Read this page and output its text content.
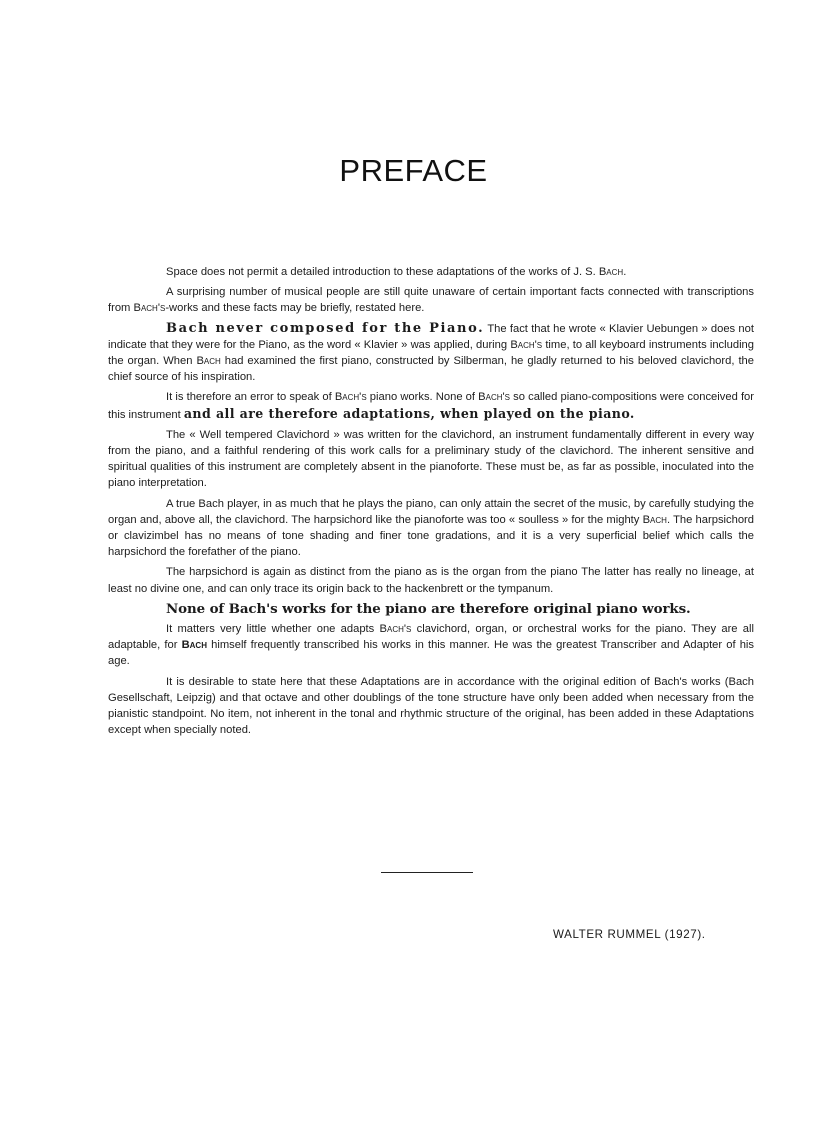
PREFACE

Space does not permit a detailed introduction to these adaptations of the works of J. S. Bach.

A surprising number of musical people are still quite unaware of certain important facts connected with transcriptions from Bach's-works and these facts may be briefly, restated here.

Bach never composed for the Piano. The fact that he wrote « Klavier Uebungen » does not indicate that they were for the Piano, as the word « Klavier » was applied, during Bach's time, to all keyboard instruments including the organ. When Bach had examined the first piano, constructed by Silberman, he gladly returned to his beloved clavichord, the chief source of his inspiration.

It is therefore an error to speak of Bach's piano works. None of Bach's so called piano-compositions were conceived for this instrument and all are therefore adaptations, when played on the piano.

The « Well tempered Clavichord » was written for the clavichord, an instrument fundamentally different in every way from the piano, and a faithful rendering of this work calls for a preliminary study of the clavichord. The inherent sensitive and spiritual qualities of this instrument are completely absent in the pianoforte. These must be, as far as possible, inoculated into the piano interpretation.

A true Bach player, in as much that he plays the piano, can only attain the secret of the music, by carefully studying the organ and, above all, the clavichord. The harpsichord like the pianoforte was too « soulless » for the mighty Bach. The harpsichord or clavizimbel has no means of tone shading and finer tone gradations, and it is a very superficial belief which calls the harpsichord the forefather of the piano.

The harpsichord is again as distinct from the piano as is the organ from the piano The latter has really no lineage, at least no divine one, and can only trace its origin back to the hackenbrett or the tympanum.

None of Bach's works for the piano are therefore original piano works.

It matters very little whether one adapts Bach's clavichord, organ, or orchestral works for the piano. They are all adaptable, for Bach himself frequently transcribed his works in this manner. He was the greatest Transcriber and Adapter of his age.

It is desirable to state here that these Adaptations are in accordance with the original edition of Bach's works (Bach Gesellschaft, Leipzig) and that octave and other doublings of the tone structure have only been added when necessary from the pianistic standpoint. No item, not inherent in the tonal and rhythmic structure of the original, has been added in these Adaptations except when specially noted.

WALTER RUMMEL (1927).
